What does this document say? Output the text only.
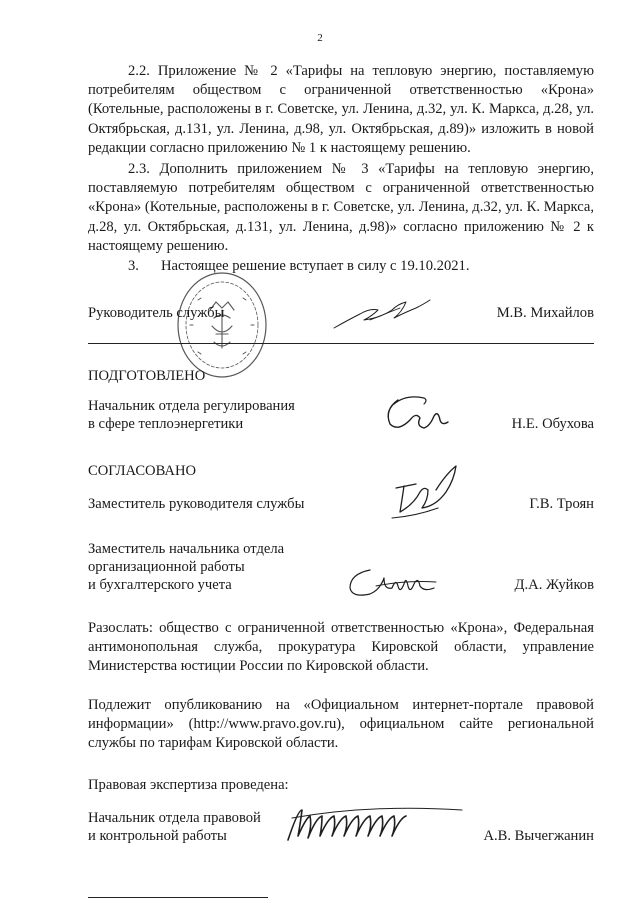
2
2.2. Приложение № 2 «Тарифы на тепловую энергию, поставляемую потребителям обществом с ограниченной ответственностью «Крона» (Котельные, расположены в г. Советске, ул. Ленина, д.32, ул. К. Маркса, д.28, ул. Октябрьская, д.131, ул. Ленина, д.98, ул. Октябрьская, д.89)» изложить в новой редакции согласно приложению № 1 к настоящему решению.
2.3. Дополнить приложением № 3 «Тарифы на тепловую энергию, поставляемую потребителям обществом с ограниченной ответственностью «Крона» (Котельные, расположены в г. Советске, ул. Ленина, д.32, ул. К. Маркса, д.28, ул. Октябрьская, д.131, ул. Ленина, д.98)» согласно приложению № 2 к настоящему решению.
3. Настоящее решение вступает в силу с 19.10.2021.
Руководитель службы	М.В. Михайлов
ПОДГОТОВЛЕНО
Начальник отдела регулирования
в сфере теплоэнергетики	Н.Е. Обухова
СОГЛАСОВАНО
Заместитель руководителя службы	Г.В. Троян
Заместитель начальника отдела
организационной работы
и бухгалтерского учета	Д.А. Жуйков
Разослать: общество с ограниченной ответственностью «Крона», Федеральная антимонопольная служба, прокуратура Кировской области, управление Министерства юстиции России по Кировской области.
Подлежит опубликованию на «Официальном интернет-портале правовой информации» (http://www.pravo.gov.ru), официальном сайте региональной службы по тарифам Кировской области.
Правовая экспертиза проведена:
Начальник отдела правовой
и контрольной работы	А.В. Вычегжанин
